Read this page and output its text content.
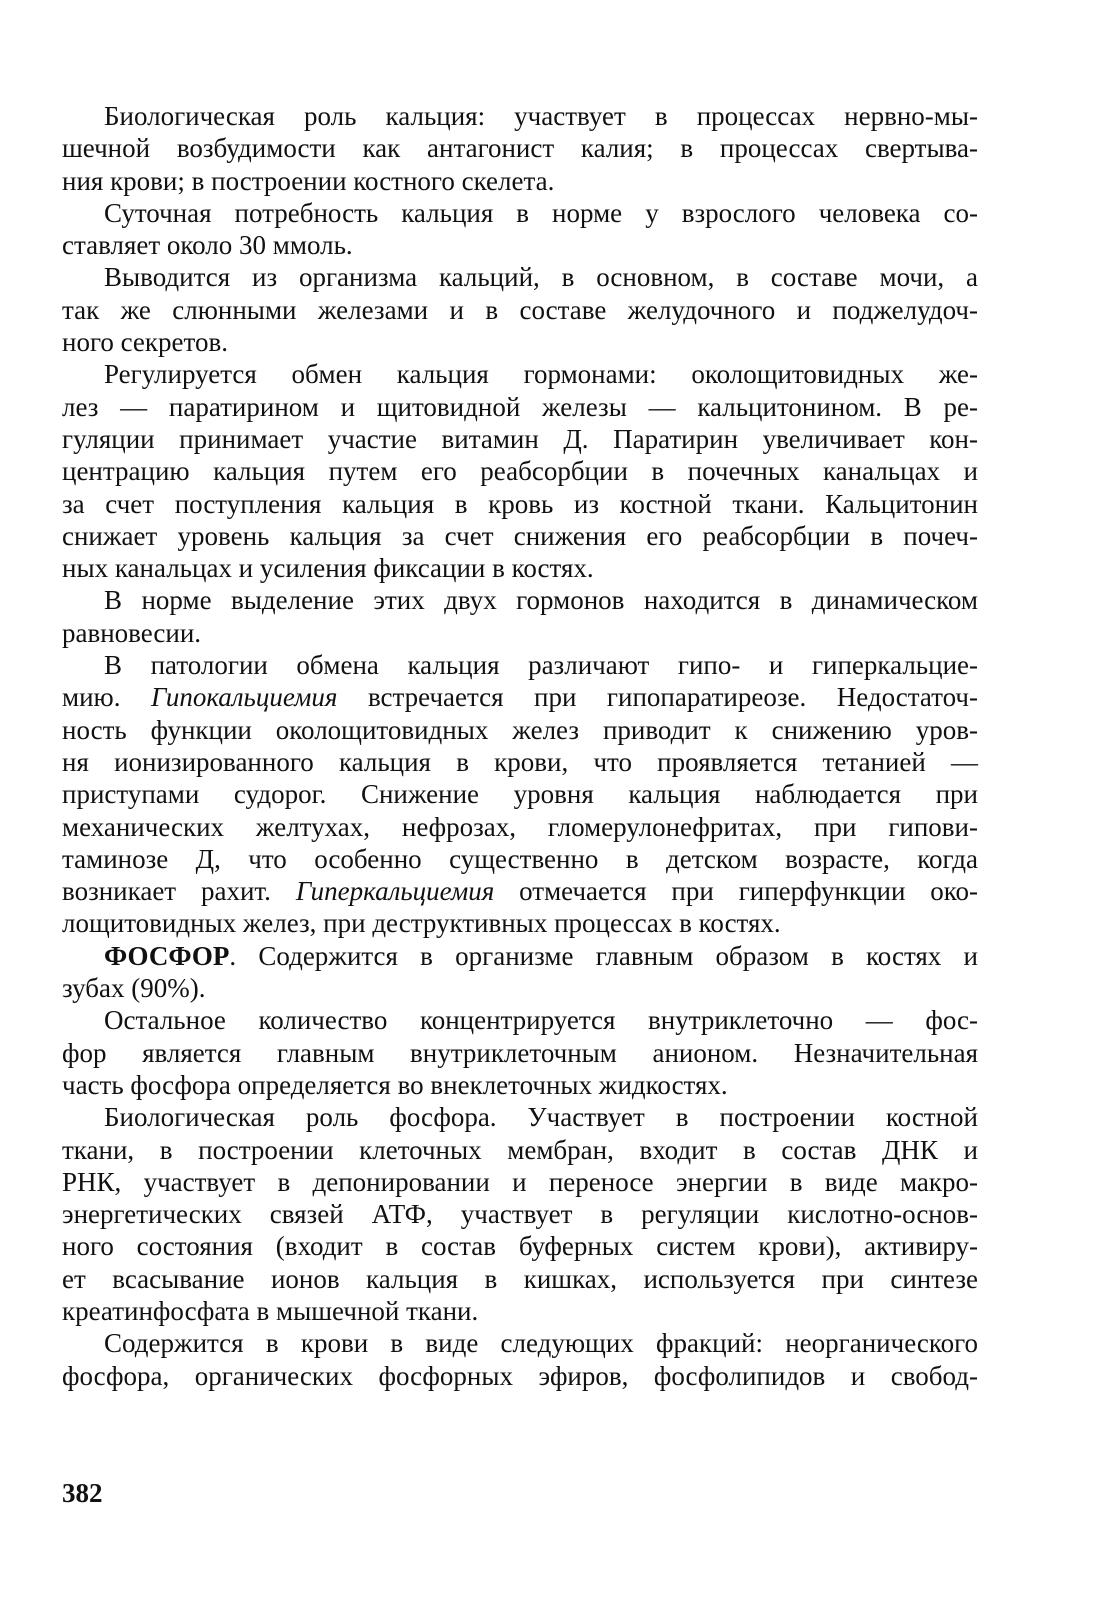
Биологическая роль кальция: участвует в процессах нервно-мы-
шечной возбудимости как антагонист калия; в процессах свертыва-
ния крови; в построении костного скелета.

Суточная потребность кальция в норме у взрослого человека со-
ставляет около 30 ммоль.

Выводится из организма кальций, в основном, в составе мочи, а
так же слюнными железами и в составе желудочного и поджелудоч-
ного секретов.

Регулируется обмен кальция гормонами: околощитовидных же-
лез — паратирином и щитовидной железы — кальцитонином. В ре-
гуляции принимает участие витамин Д. Паратирин увеличивает кон-
центрацию кальция путем его реабсорбции в почечных канальцах и
за счет поступления кальция в кровь из костной ткани. Кальцитонин
снижает уровень кальция за счет снижения его реабсорбции в почеч-
ных канальцах и усиления фиксации в костях.

В норме выделение этих двух гормонов находится в динамическом
равновесии.

В патологии обмена кальция различают гипо- и гиперкальцие-
мию. Гипокальциемия встречается при гипопаратиреозе. Недостаточ-
ность функции околощитовидных желез приводит к снижению уров-
ня ионизированного кальция в крови, что проявляется тетанией —
приступами судорог. Снижение уровня кальция наблюдается при
механических желтухах, нефрозах, гломерулонефритах, при гипови-
таминозе Д, что особенно существенно в детском возрасте, когда
возникает рахит. Гиперкальциемия отмечается при гиперфункции око-
лощитовидных желез, при деструктивных процессах в костях.

ФОСФОР. Содержится в организме главным образом в костях и
зубах (90%).

Остальное количество концентрируется внутриклеточно — фос-
фор является главным внутриклеточным анионом. Незначительная
часть фосфора определяется во внеклеточных жидкостях.

Биологическая роль фосфора. Участвует в построении костной
ткани, в построении клеточных мембран, входит в состав ДНК и
РНК, участвует в депонировании и переносе энергии в виде макро-
энергетических связей АТФ, участвует в регуляции кислотно-основ-
ного состояния (входит в состав буферных систем крови), активиру-
ет всасывание ионов кальция в кишках, используется при синтезе
креатинфосфата в мышечной ткани.

Содержится в крови в виде следующих фракций: неорганического
фосфора, органических фосфорных эфиров, фосфолипидов и свобод-

382
